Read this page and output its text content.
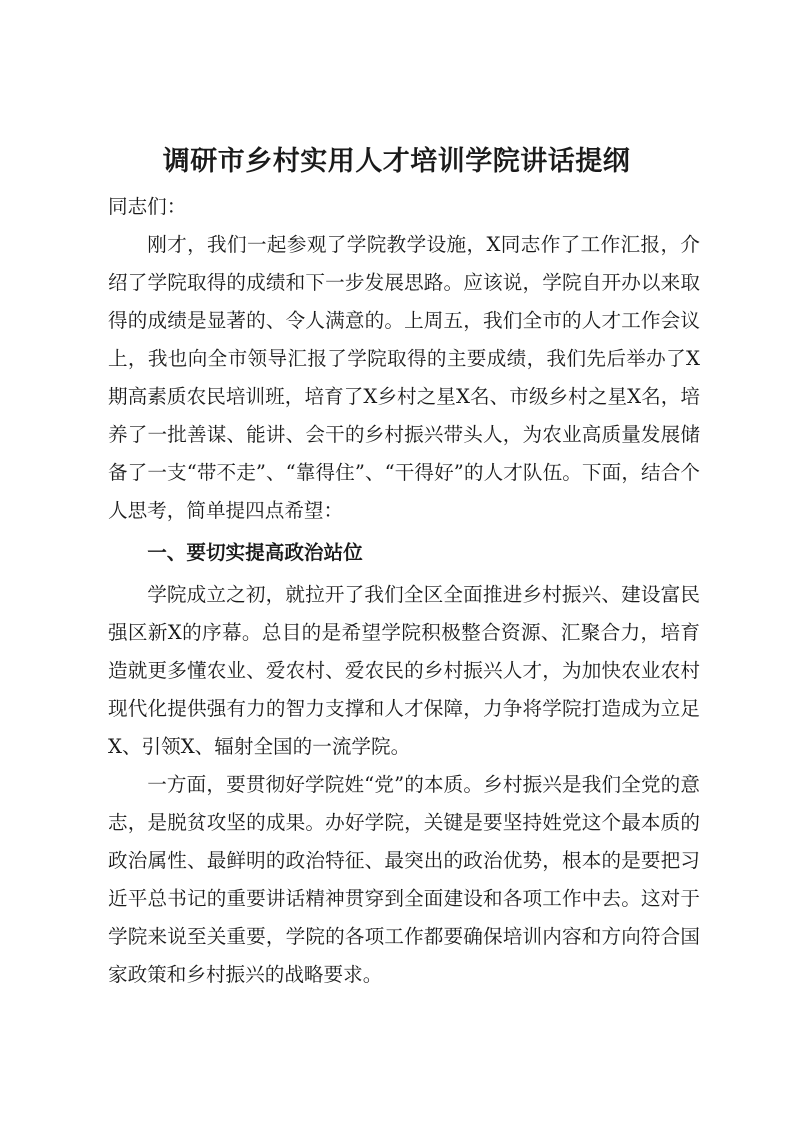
调研市乡村实用人才培训学院讲话提纲

同志们：

刚才，我们一起参观了学院教学设施，X同志作了工作汇报，介绍了学院取得的成绩和下一步发展思路。应该说，学院自开办以来取得的成绩是显著的、令人满意的。上周五，我们全市的人才工作会议上，我也向全市领导汇报了学院取得的主要成绩，我们先后举办了X期高素质农民培训班，培育了X乡村之星X名、市级乡村之星X名，培养了一批善谋、能讲、会干的乡村振兴带头人，为农业高质量发展储备了一支“带不走”、“靠得住”、“干得好”的人才队伍。下面，结合个人思考，简单提四点希望：

一、要切实提高政治站位

学院成立之初，就拉开了我们全区全面推进乡村振兴、建设富民强区新X的序幕。总目的是希望学院积极整合资源、汇聚合力，培育造就更多懂农业、爱农村、爱农民的乡村振兴人才，为加快农业农村现代化提供强有力的智力支撑和人才保障，力争将学院打造成为立足X、引领X、辐射全国的一流学院。

一方面，要贯彻好学院姓“党”的本质。乡村振兴是我们全党的意志，是脱贫攻坚的成果。办好学院，关键是要坚持姓党这个最本质的政治属性、最鲜明的政治特征、最突出的政治优势，根本的是要把习近平总书记的重要讲话精神贯穿到全面建设和各项工作中去。这对于学院来说至关重要，学院的各项工作都要确保培训内容和方向符合国家政策和乡村振兴的战略要求。
